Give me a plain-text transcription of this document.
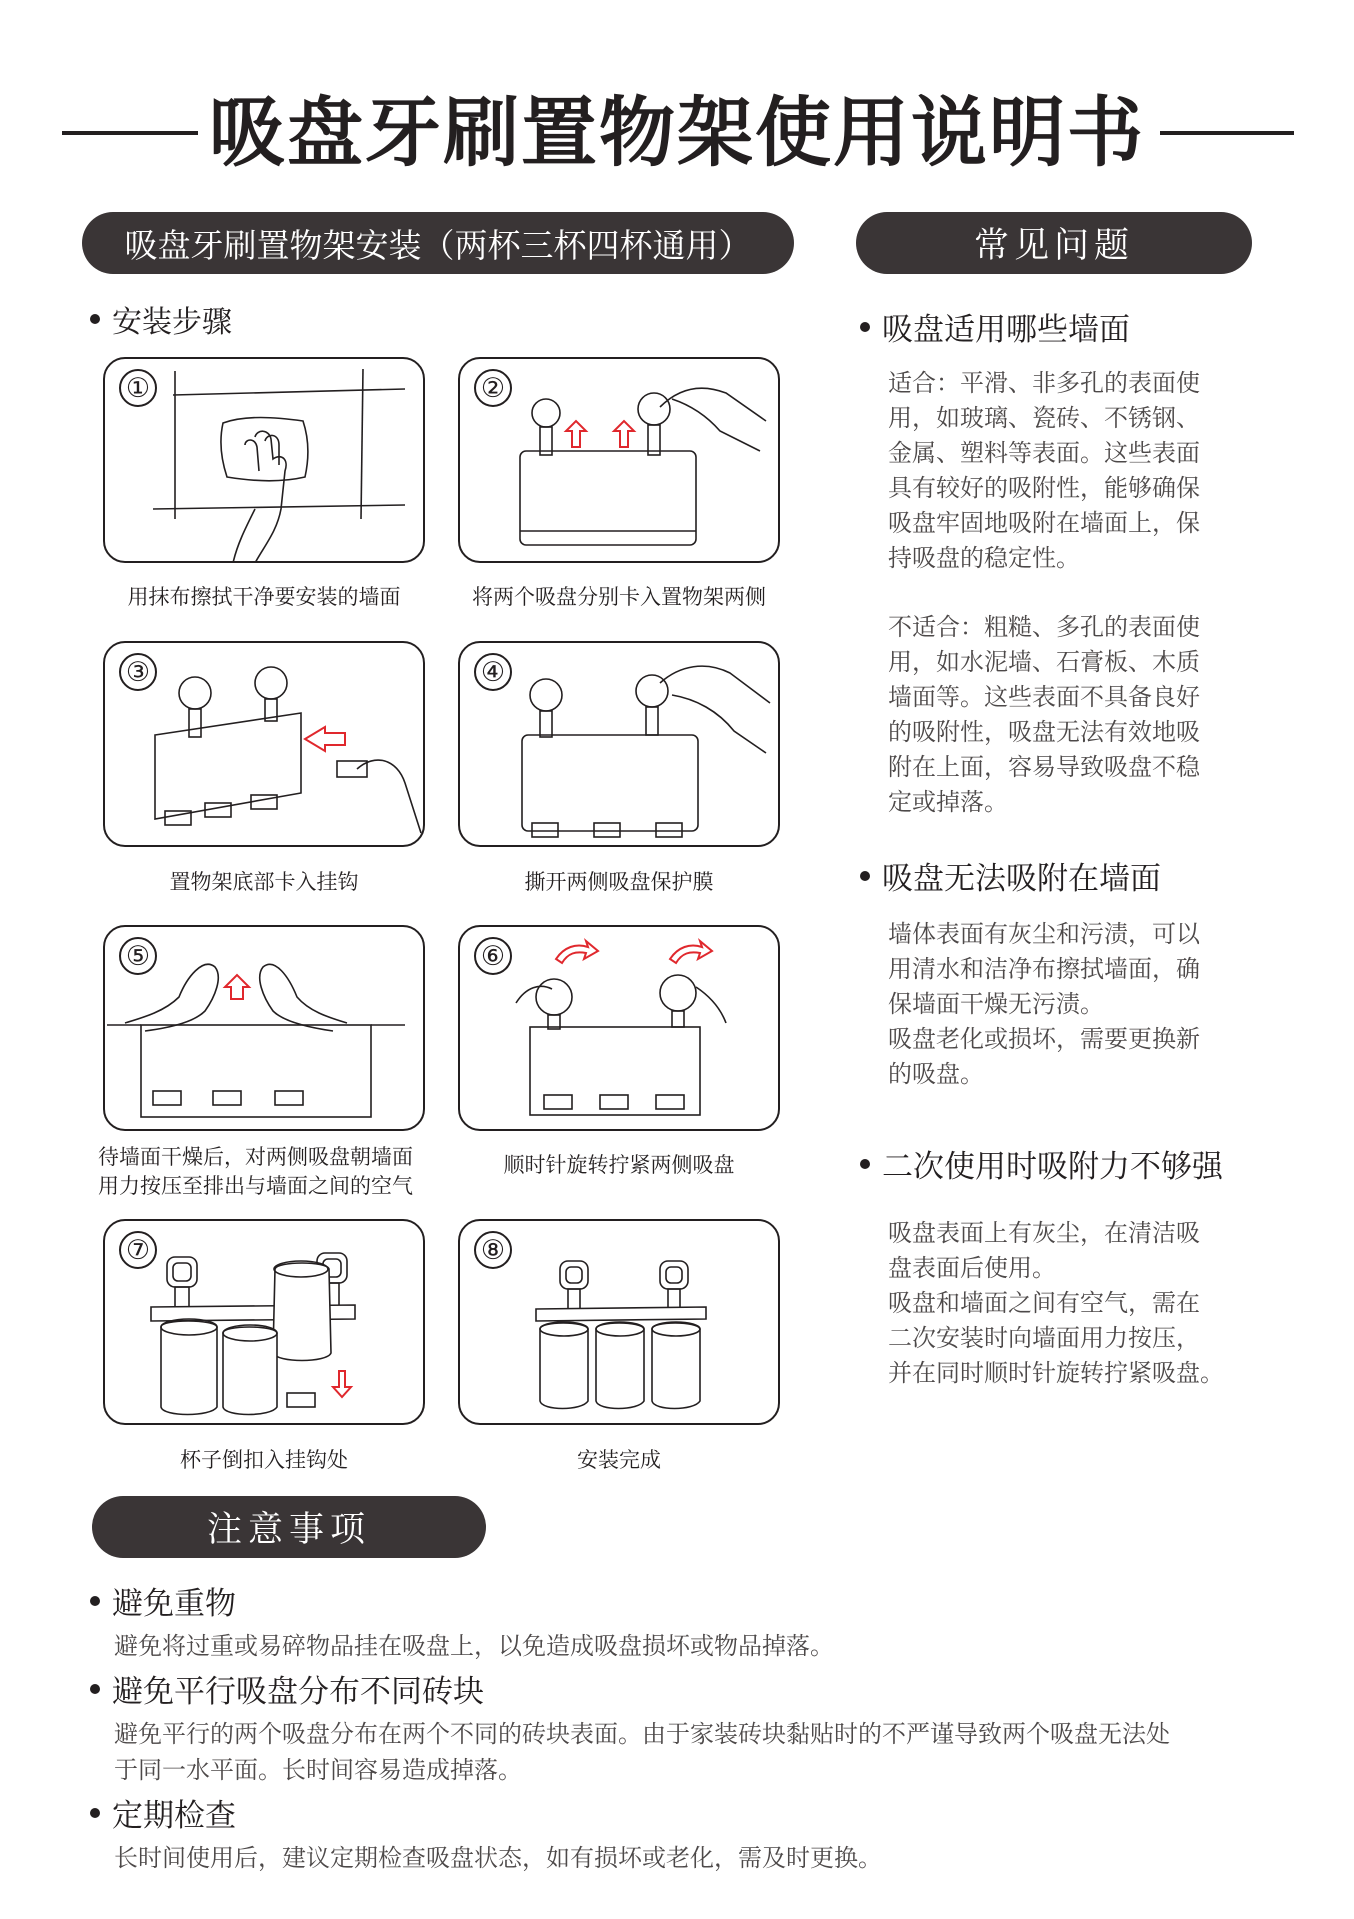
吸盘牙刷置物架使用说明书
吸盘牙刷置物架安装（两杯三杯四杯通用）
安装步骤
常见问题
①
用抹布擦拭干净要安装的墙面
②
将两个吸盘分别卡入置物架两侧
③
置物架底部卡入挂钩
④
撕开两侧吸盘保护膜
⑤
待墙面干燥后，对两侧吸盘朝墙面
用力按压至排出与墙面之间的空气
⑥
顺时针旋转拧紧两侧吸盘
⑦
杯子倒扣入挂钩处
⑧
安装完成
吸盘适用哪些墙面
适合：平滑、非多孔的表面使
用，如玻璃、瓷砖、不锈钢、
金属、塑料等表面。这些表面
具有较好的吸附性，能够确保
吸盘牢固地吸附在墙面上，保
持吸盘的稳定性。
不适合：粗糙、多孔的表面使
用，如水泥墙、石膏板、木质
墙面等。这些表面不具备良好
的吸附性，吸盘无法有效地吸
附在上面，容易导致吸盘不稳
定或掉落。
吸盘无法吸附在墙面
墙体表面有灰尘和污渍，可以
用清水和洁净布擦拭墙面，确
保墙面干燥无污渍。
吸盘老化或损坏，需要更换新
的吸盘。
二次使用时吸附力不够强
吸盘表面上有灰尘，在清洁吸
盘表面后使用。
吸盘和墙面之间有空气，需在
二次安装时向墙面用力按压，
并在同时顺时针旋转拧紧吸盘。
注意事项
避免重物
避免将过重或易碎物品挂在吸盘上，以免造成吸盘损坏或物品掉落。
避免平行吸盘分布不同砖块
避免平行的两个吸盘分布在两个不同的砖块表面。由于家装砖块黏贴时的不严谨导致两个吸盘无法处
于同一水平面。长时间容易造成掉落。
定期检查
长时间使用后，建议定期检查吸盘状态，如有损坏或老化，需及时更换。
